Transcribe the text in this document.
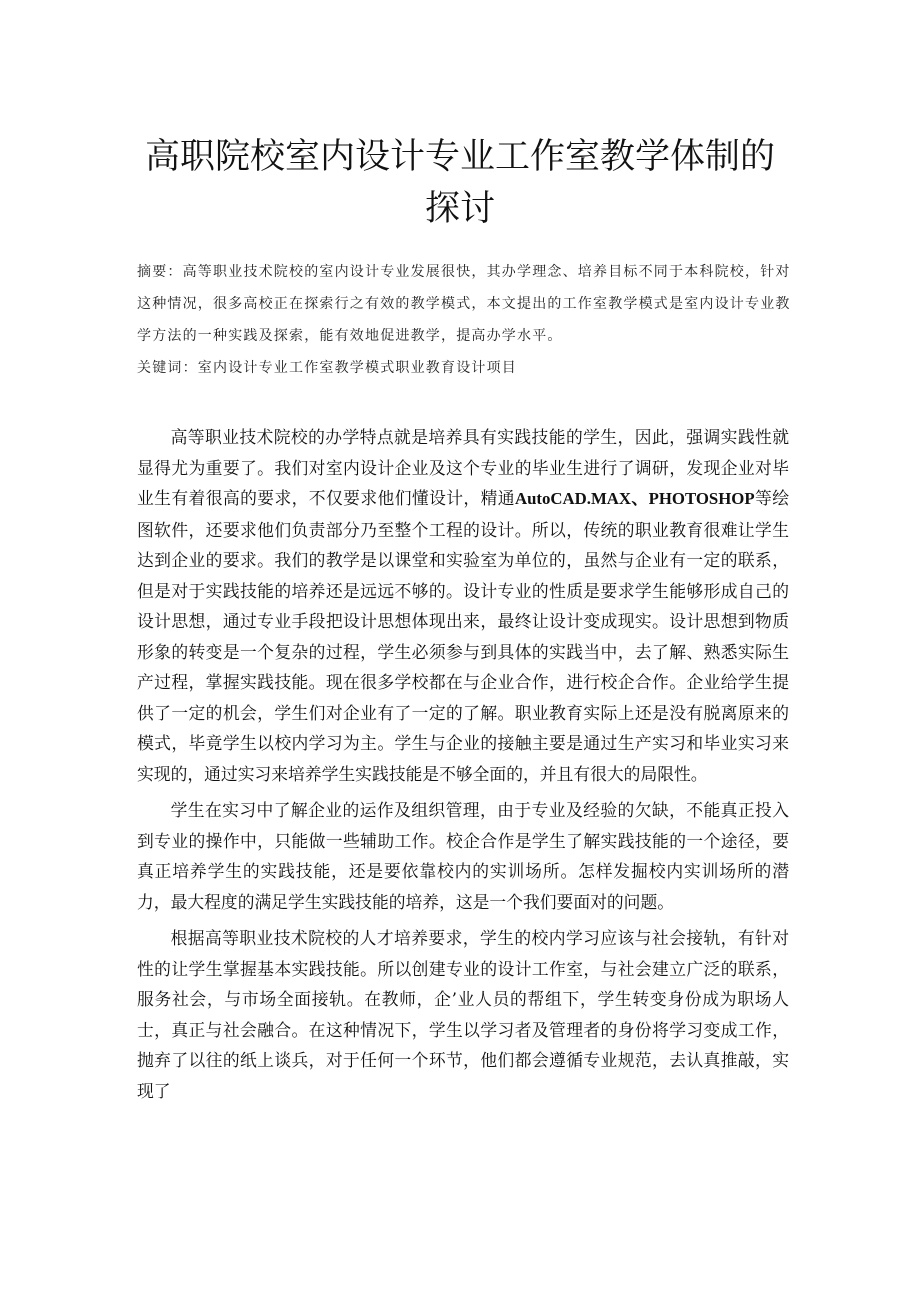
高职院校室内设计专业工作室教学体制的
探讨

摘要：高等职业技术院校的室内设计专业发展很快，其办学理念、培养目标不同于本科院校，针对这种情况，很多高校正在探索行之有效的教学模式，本文提出的工作室教学模式是室内设计专业教学方法的一种实践及探索，能有效地促进教学，提高办学水平。

关键词：室内设计专业工作室教学模式职业教育设计项目

高等职业技术院校的办学特点就是培养具有实践技能的学生，因此，强调实践性就显得尤为重要了。我们对室内设计企业及这个专业的毕业生进行了调研，发现企业对毕业生有着很高的要求，不仅要求他们懂设计，精通AutoCAD.MAX、PHOTOSHOP等绘图软件，还要求他们负责部分乃至整个工程的设计。所以，传统的职业教育很难让学生达到企业的要求。我们的教学是以课堂和实验室为单位的，虽然与企业有一定的联系，但是对于实践技能的培养还是远远不够的。设计专业的性质是要求学生能够形成自己的设计思想，通过专业手段把设计思想体现出来，最终让设计变成现实。设计思想到物质形象的转变是一个复杂的过程，学生必须参与到具体的实践当中，去了解、熟悉实际生产过程，掌握实践技能。现在很多学校都在与企业合作，进行校企合作。企业给学生提供了一定的机会，学生们对企业有了一定的了解。职业教育实际上还是没有脱离原来的模式，毕竟学生以校内学习为主。学生与企业的接触主要是通过生产实习和毕业实习来实现的，通过实习来培养学生实践技能是不够全面的，并且有很大的局限性。

学生在实习中了解企业的运作及组织管理，由于专业及经验的欠缺，不能真正投入到专业的操作中，只能做一些辅助工作。校企合作是学生了解实践技能的一个途径，要真正培养学生的实践技能，还是要依靠校内的实训场所。怎样发掘校内实训场所的潜力，最大程度的满足学生实践技能的培养，这是一个我们要面对的问题。

根据高等职业技术院校的人才培养要求，学生的校内学习应该与社会接轨，有针对性的让学生掌握基本实践技能。所以创建专业的设计工作室，与社会建立广泛的联系，服务社会，与市场全面接轨。在教师，企’业人员的帮组下，学生转变身份成为职场人士，真正与社会融合。在这种情况下，学生以学习者及管理者的身份将学习变成工作，抛弃了以往的纸上谈兵，对于任何一个环节，他们都会遵循专业规范，去认真推敲，实现了
